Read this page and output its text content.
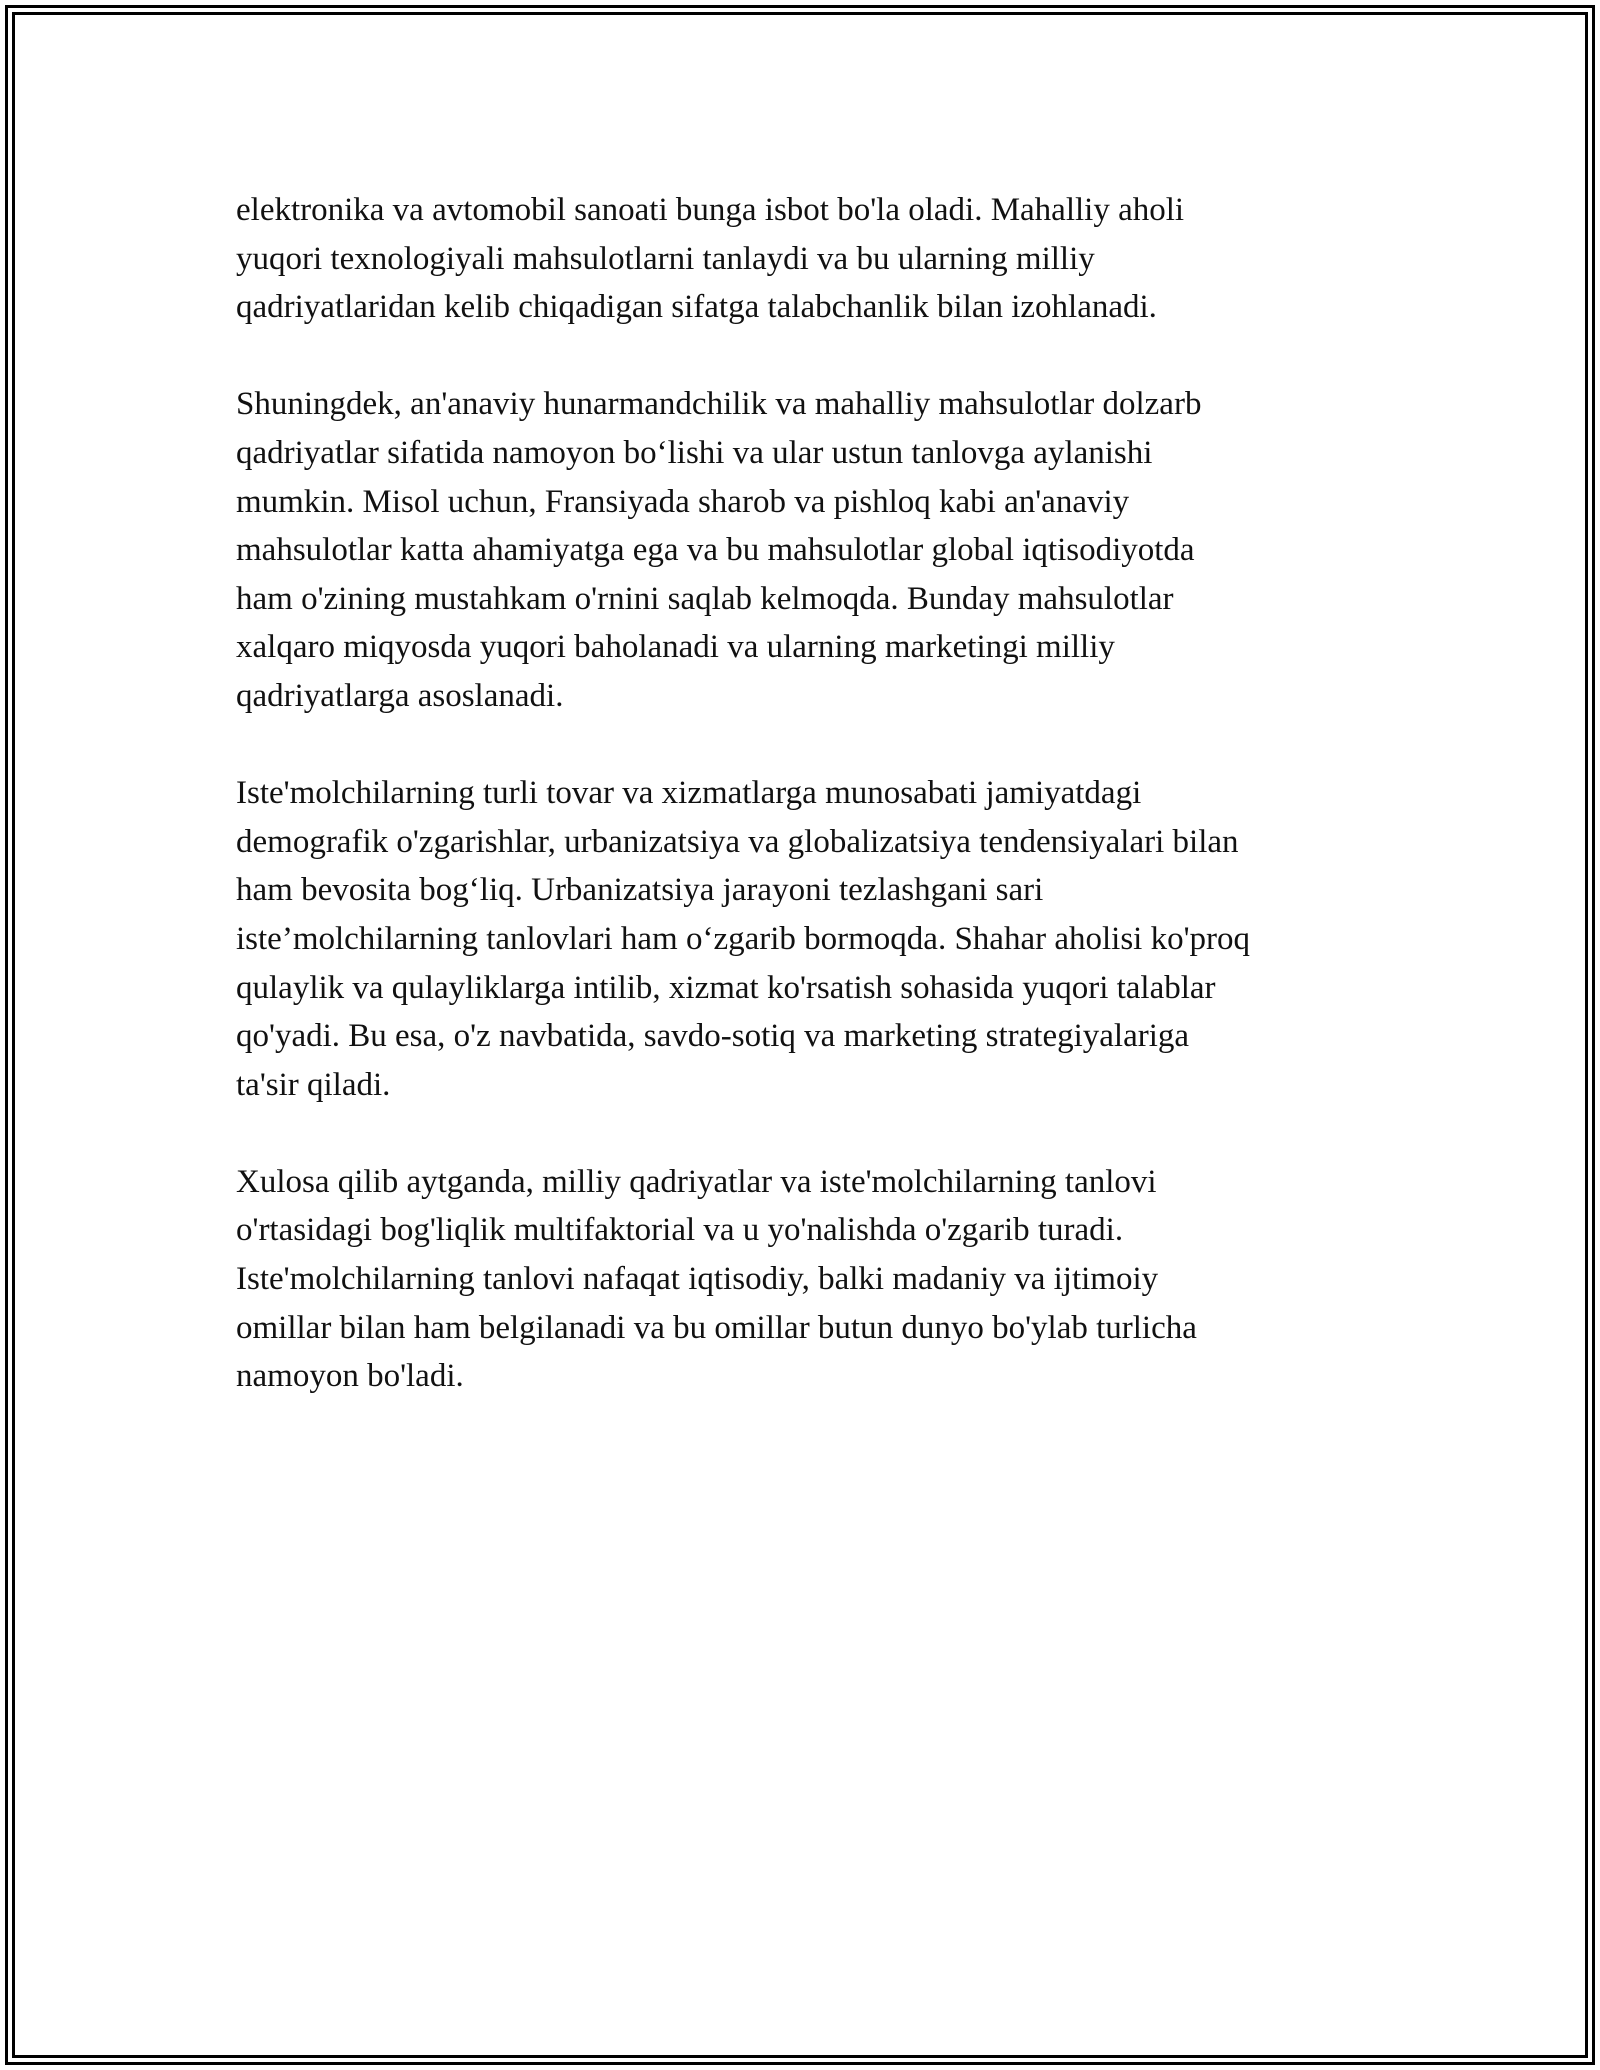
elektronika va avtomobil sanoati bunga isbot bo'la oladi. Mahalliy aholi
yuqori texnologiyali mahsulotlarni tanlaydi va bu ularning milliy
qadriyatlaridan kelib chiqadigan sifatga talabchanlik bilan izohlanadi.
Shuningdek, an'anaviy hunarmandchilik va mahalliy mahsulotlar dolzarb
qadriyatlar sifatida namoyon bo‘lishi va ular ustun tanlovga aylanishi
mumkin. Misol uchun, Fransiyada sharob va pishloq kabi an'anaviy
mahsulotlar katta ahamiyatga ega va bu mahsulotlar global iqtisodiyotda
ham o'zining mustahkam o'rnini saqlab kelmoqda. Bunday mahsulotlar
xalqaro miqyosda yuqori baholanadi va ularning marketingi milliy
qadriyatlarga asoslanadi.
Iste'molchilarning turli tovar va xizmatlarga munosabati jamiyatdagi
demografik o'zgarishlar, urbanizatsiya va globalizatsiya tendensiyalari bilan
ham bevosita bog‘liq. Urbanizatsiya jarayoni tezlashgani sari
iste’molchilarning tanlovlari ham o‘zgarib bormoqda. Shahar aholisi ko'proq
qulaylik va qulayliklarga intilib, xizmat ko'rsatish sohasida yuqori talablar
qo'yadi. Bu esa, o'z navbatida, savdo-sotiq va marketing strategiyalariga
ta'sir qiladi.
Xulosa qilib aytganda, milliy qadriyatlar va iste'molchilarning tanlovi
o'rtasidagi bog'liqlik multifaktorial va u yo'nalishda o'zgarib turadi.
Iste'molchilarning tanlovi nafaqat iqtisodiy, balki madaniy va ijtimoiy
omillar bilan ham belgilanadi va bu omillar butun dunyo bo'ylab turlicha
namoyon bo'ladi.
